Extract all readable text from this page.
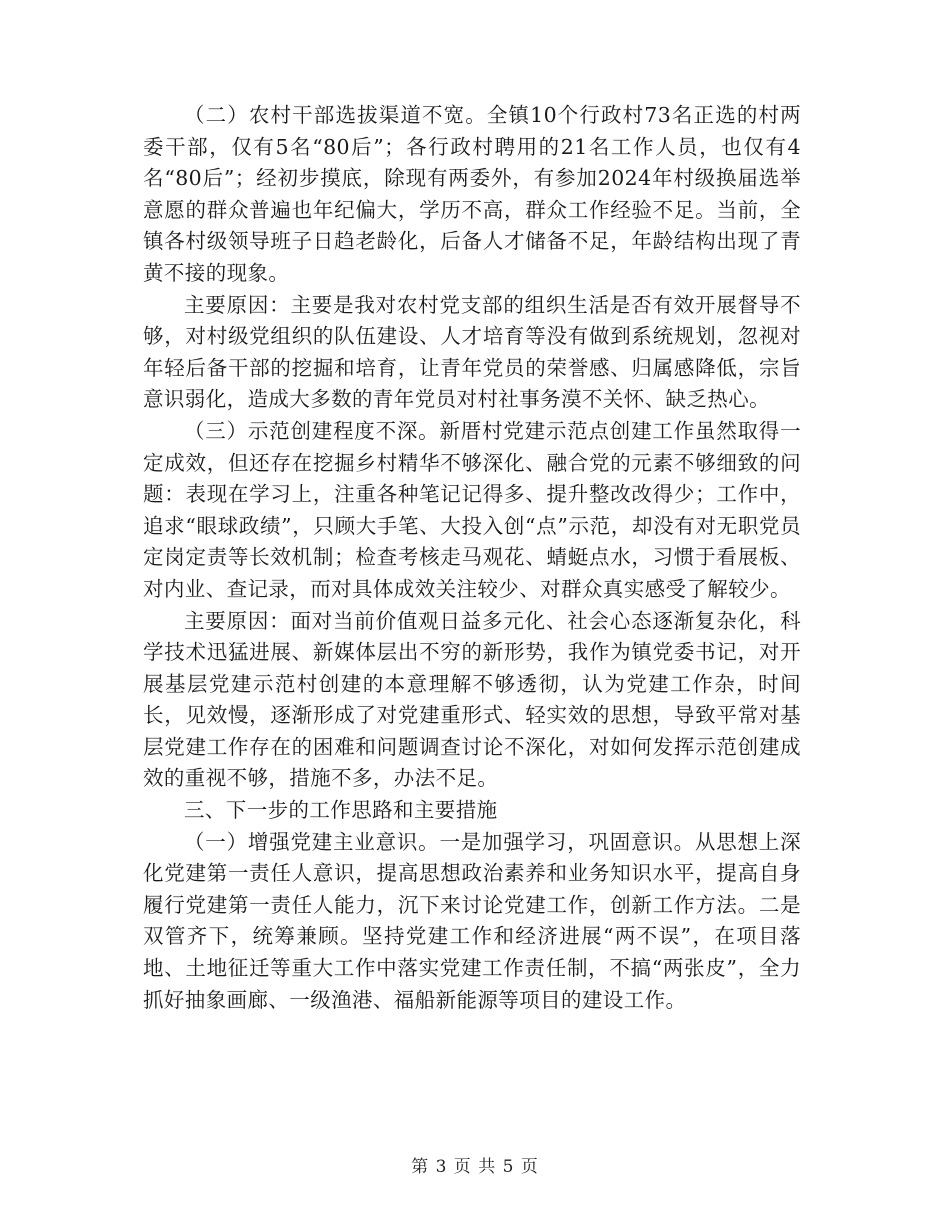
（二）农村干部选拔渠道不宽。全镇10个行政村73名正选的村两委干部，仅有5名“80后”；各行政村聘用的21名工作人员，也仅有4名“80后”；经初步摸底，除现有两委外，有参加2024年村级换届选举意愿的群众普遍也年纪偏大，学历不高，群众工作经验不足。当前，全镇各村级领导班子日趋老龄化，后备人才储备不足，年龄结构出现了青黄不接的现象。

主要原因：主要是我对农村党支部的组织生活是否有效开展督导不够，对村级党组织的队伍建设、人才培育等没有做到系统规划，忽视对年轻后备干部的挖掘和培育，让青年党员的荣誉感、归属感降低，宗旨意识弱化，造成大多数的青年党员对村社事务漠不关怀、缺乏热心。

（三）示范创建程度不深。新厝村党建示范点创建工作虽然取得一定成效，但还存在挖掘乡村精华不够深化、融合党的元素不够细致的问题：表现在学习上，注重各种笔记记得多、提升整改改得少；工作中，追求“眼球政绩”，只顾大手笔、大投入创“点”示范，却没有对无职党员定岗定责等长效机制；检查考核走马观花、蜻蜓点水，习惯于看展板、对内业、查记录，而对具体成效关注较少、对群众真实感受了解较少。

主要原因：面对当前价值观日益多元化、社会心态逐渐复杂化，科学技术迅猛进展、新媒体层出不穷的新形势，我作为镇党委书记，对开展基层党建示范村创建的本意理解不够透彻，认为党建工作杂，时间长，见效慢，逐渐形成了对党建重形式、轻实效的思想，导致平常对基层党建工作存在的困难和问题调查讨论不深化，对如何发挥示范创建成效的重视不够，措施不多，办法不足。

三、下一步的工作思路和主要措施

（一）增强党建主业意识。一是加强学习，巩固意识。从思想上深化党建第一责任人意识，提高思想政治素养和业务知识水平，提高自身履行党建第一责任人能力，沉下来讨论党建工作，创新工作方法。二是双管齐下，统筹兼顾。坚持党建工作和经济进展“两不误”，在项目落地、土地征迁等重大工作中落实党建工作责任制，不搞“两张皮”，全力抓好抽象画廊、一级渔港、福船新能源等项目的建设工作。

第 3 页 共 5 页
